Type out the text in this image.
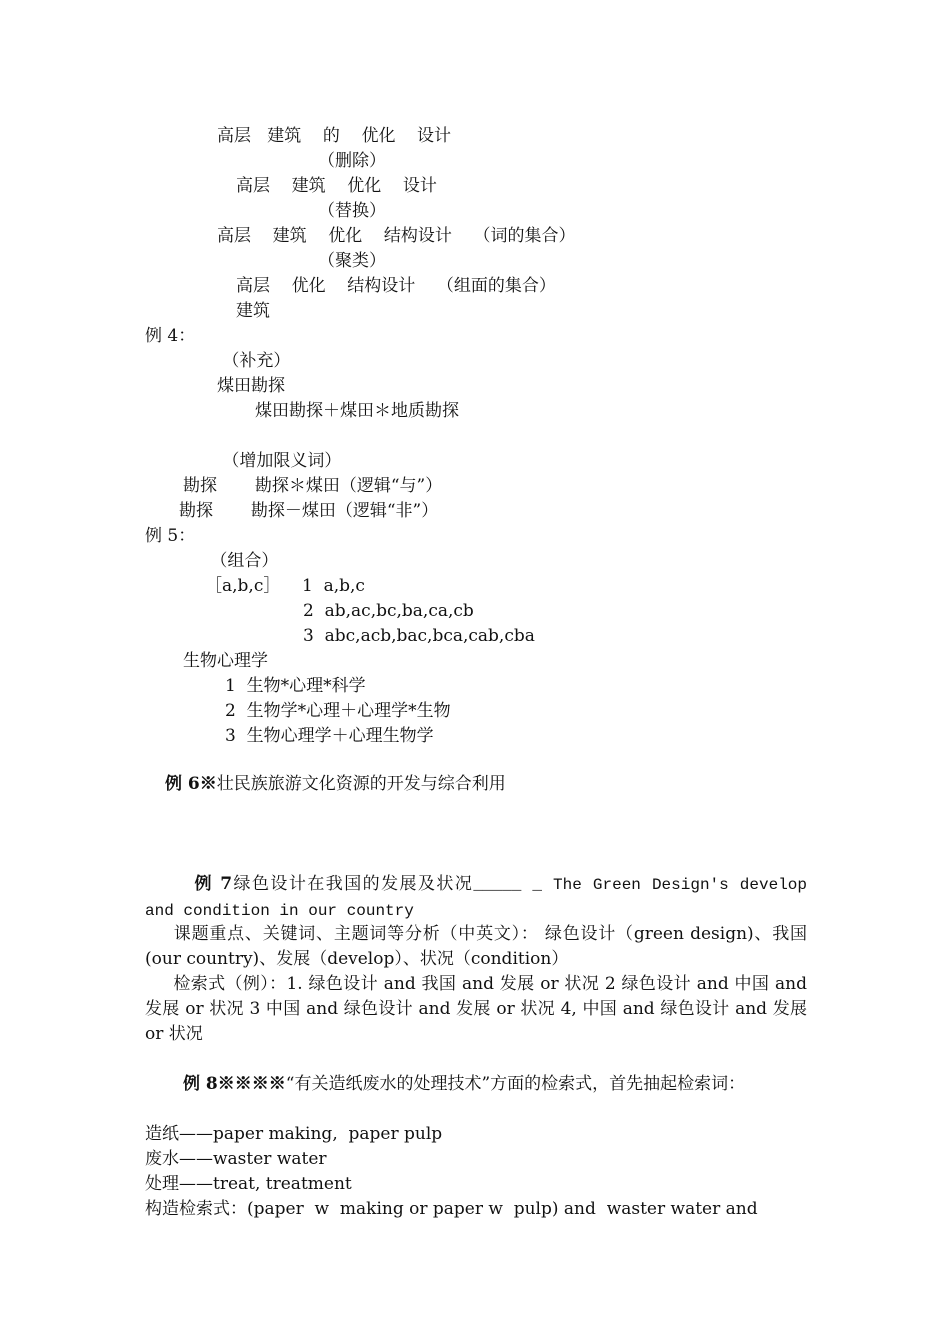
高层   建筑    的    优化    设计
（删除）
高层    建筑    优化    设计
（替换）
高层    建筑    优化    结构设计    （词的集合）
（聚类）
高层    优化    结构设计    （组面的集合）
建筑
例 4：
（补充）
煤田勘探
煤田勘探＋煤田＊地质勘探
（增加限义词）
勘探       勘探＊煤田（逻辑“与”）
勘探       勘探－煤田（逻辑“非”）
例 5：
（组合）
［a,b,c］    1  a,b,c
2  ab,ac,bc,ba,ca,cb
3  abc,acb,bac,bca,cab,cba
生物心理学
1  生物*心理*科学
2  生物学*心理＋心理学*生物
3  生物心理学＋心理生物学
例 6※壮民族旅游文化资源的开发与综合利用
例 7绿色设计在我国的发展及状况_____ _ The Green Design's develop and condition in our country
课题重点、关键词、主题词等分析（中英文）： 绿色设计（green design)、我国(our country)、发展（develop）、状况（condition）
检索式（例）：1. 绿色设计 and 我国 and 发展 or 状况 2 绿色设计 and 中国 and 发展 or 状况 3 中国 and 绿色设计 and 发展 or 状况 4, 中国 and 绿色设计 and 发展 or 状况
例 8※※※※“有关造纸废水的处理技术”方面的检索式，首先抽起检索词：
造纸——paper making,  paper pulp
废水——waster water
处理——treat, treatment
构造检索式：(paper  w  making or paper w  pulp) and  waster water and
